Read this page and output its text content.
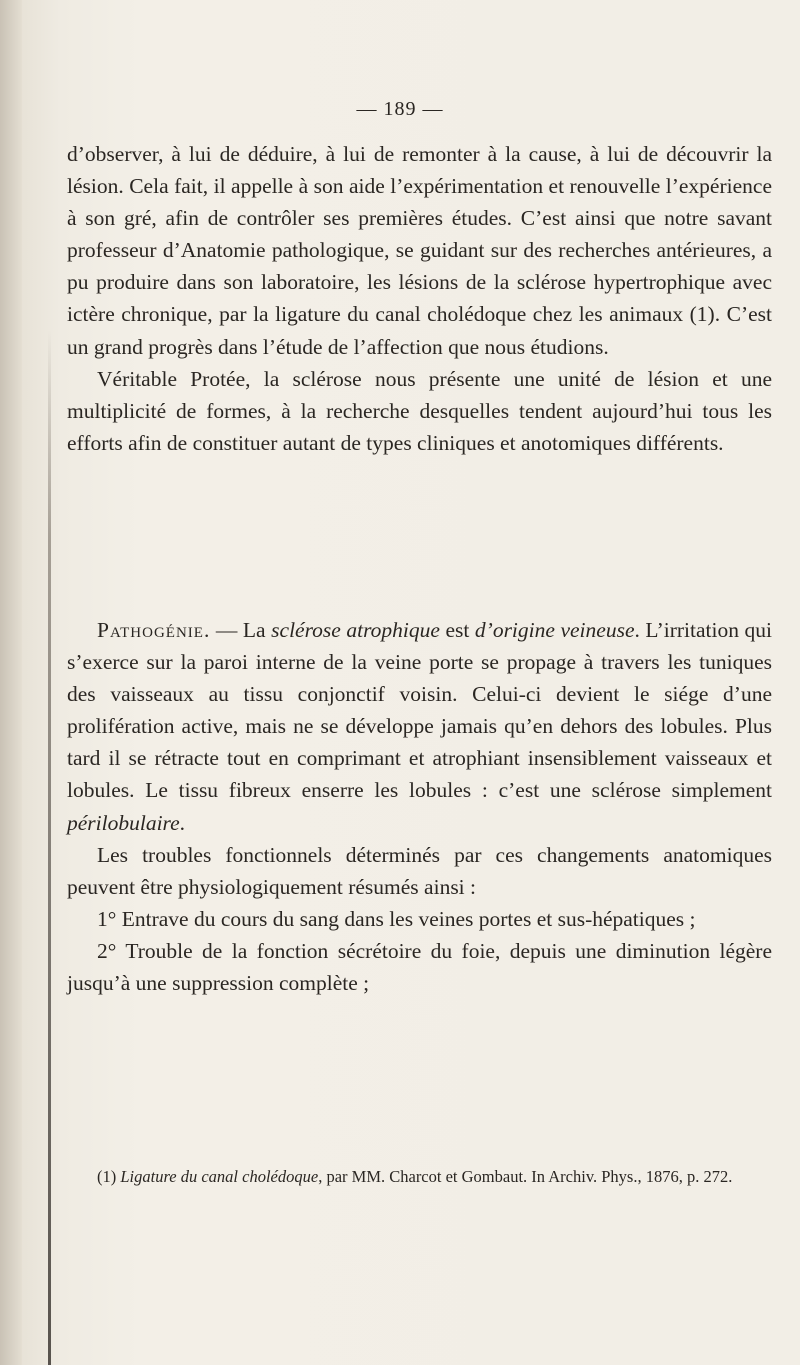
— 189 —

d’observer, à lui de déduire, à lui de remonter à la cause, à lui de découvrir la lésion. Cela fait, il appelle à son aide l’expérimentation et renouvelle l’expérience à son gré, afin de contrôler ses premières études. C’est ainsi que notre savant professeur d’Anatomie pathologique, se guidant sur des recherches antérieures, a pu produire dans son laboratoire, les lésions de la sclérose hypertrophique avec ictère chronique, par la ligature du canal cholédoque chez les animaux (1). C’est un grand progrès dans l’étude de l’affection que nous étudions.

Véritable Protée, la sclérose nous présente une unité de lésion et une multiplicité de formes, à la recherche desquelles tendent aujourd’hui tous les efforts afin de constituer autant de types cliniques et anotomiques différents.

Pathogénie. — La sclérose atrophique est d’origine veineuse. L’irritation qui s’exerce sur la paroi interne de la veine porte se propage à travers les tuniques des vaisseaux au tissu conjonctif voisin. Celui-ci devient le siége d’une prolifération active, mais ne se développe jamais qu’en dehors des lobules. Plus tard il se rétracte tout en comprimant et atrophiant insensiblement vaisseaux et lobules. Le tissu fibreux enserre les lobules : c’est une sclérose simplement périlobulaire.

Les troubles fonctionnels déterminés par ces changements anatomiques peuvent être physiologiquement résumés ainsi :

1° Entrave du cours du sang dans les veines portes et sus-hépatiques ;

2° Trouble de la fonction sécrétoire du foie, depuis une diminution légère jusqu’à une suppression complète ;

(1) Ligature du canal cholédoque, par MM. Charcot et Gombaut. In Archiv. Phys., 1876, p. 272.
